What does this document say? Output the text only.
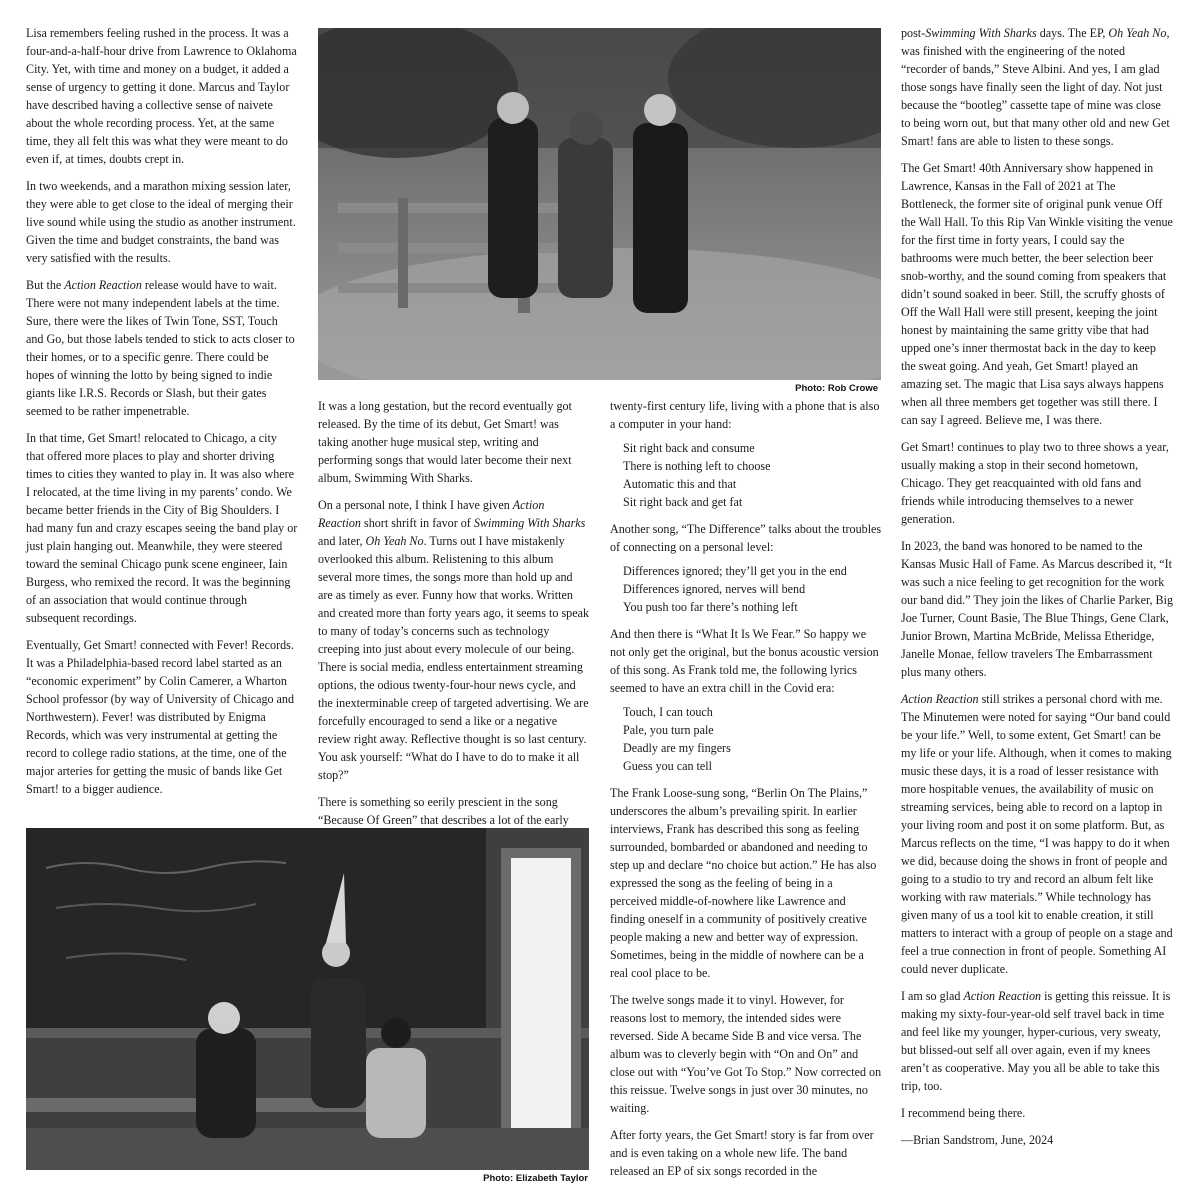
Lisa remembers feeling rushed in the process. It was a four-and-a-half-hour drive from Lawrence to Oklahoma City. Yet, with time and money on a budget, it added a sense of urgency to getting it done. Marcus and Taylor have described having a collective sense of naivete about the whole recording process. Yet, at the same time, they all felt this was what they were meant to do even if, at times, doubts crept in.

In two weekends, and a marathon mixing session later, they were able to get close to the ideal of merging their live sound while using the studio as another instrument. Given the time and budget constraints, the band was very satisfied with the results.

But the Action Reaction release would have to wait. There were not many independent labels at the time. Sure, there were the likes of Twin Tone, SST, Touch and Go, but those labels tended to stick to acts closer to their homes, or to a specific genre. There could be hopes of winning the lotto by being signed to indie giants like I.R.S. Records or Slash, but their gates seemed to be rather impenetrable.

In that time, Get Smart! relocated to Chicago, a city that offered more places to play and shorter driving times to cities they wanted to play in. It was also where I relocated, at the time living in my parents’ condo. We became better friends in the City of Big Shoulders. I had many fun and crazy escapes seeing the band play or just plain hanging out. Meanwhile, they were steered toward the seminal Chicago punk scene engineer, Iain Burgess, who remixed the record. It was the beginning of an association that would continue through subsequent recordings.

Eventually, Get Smart! connected with Fever! Records. It was a Philadelphia-based record label started as an “economic experiment” by Colin Camerer, a Wharton School professor (by way of University of Chicago and Northwestern). Fever! was distributed by Enigma Records, which was very instrumental at getting the record to college radio stations, at the time, one of the major arteries for getting the music of bands like Get Smart! to a bigger audience.

Photo: Rob Crowe

It was a long gestation, but the record eventually got released. By the time of its debut, Get Smart! was taking another huge musical step, writing and performing songs that would later become their next album, Swimming With Sharks.

On a personal note, I think I have given Action Reaction short shrift in favor of Swimming With Sharks and later, Oh Yeah No. Turns out I have mistakenly overlooked this album. Relistening to this album several more times, the songs more than hold up and are as timely as ever. Funny how that works. Written and created more than forty years ago, it seems to speak to many of today’s concerns such as technology creeping into just about every molecule of our being. There is social media, endless entertainment streaming options, the odious twenty-four-hour news cycle, and the inexterminable creep of targeted advertising. We are forcefully encouraged to send a like or a negative review right away. Reflective thought is so last century. You ask yourself: “What do I have to do to make it all stop?”

There is something so eerily prescient in the song “Because Of Green” that describes a lot of the early

twenty-first century life, living with a phone that is also a computer in your hand:

Sit right back and consume
There is nothing left to choose
Automatic this and that
Sit right back and get fat

Another song, “The Difference” talks about the troubles of connecting on a personal level:

Differences ignored; they’ll get you in the end
Differences ignored, nerves will bend
You push too far there’s nothing left

And then there is “What It Is We Fear.” So happy we not only get the original, but the bonus acoustic version of this song. As Frank told me, the following lyrics seemed to have an extra chill in the Covid era:

Touch, I can touch
Pale, you turn pale
Deadly are my fingers
Guess you can tell

The Frank Loose-sung song, “Berlin On The Plains,” underscores the album’s prevailing spirit. In earlier interviews, Frank has described this song as feeling surrounded, bombarded or abandoned and needing to step up and declare “no choice but action.” He has also expressed the song as the feeling of being in a perceived middle-of-nowhere like Lawrence and finding oneself in a community of positively creative people making a new and better way of expression. Sometimes, being in the middle of nowhere can be a real cool place to be.

The twelve songs made it to vinyl. However, for reasons lost to memory, the intended sides were reversed. Side A became Side B and vice versa. The album was to cleverly begin with “On and On” and close out with “You’ve Got To Stop.” Now corrected on this reissue. Twelve songs in just over 30 minutes, no waiting.

After forty years, the Get Smart! story is far from over and is even taking on a whole new life. The band released an EP of six songs recorded in the

Photo: Elizabeth Taylor

post-Swimming With Sharks days. The EP, Oh Yeah No, was finished with the engineering of the noted “recorder of bands,” Steve Albini. And yes, I am glad those songs have finally seen the light of day. Not just because the “bootleg” cassette tape of mine was close to being worn out, but that many other old and new Get Smart! fans are able to listen to these songs.

The Get Smart! 40th Anniversary show happened in Lawrence, Kansas in the Fall of 2021 at The Bottleneck, the former site of original punk venue Off the Wall Hall. To this Rip Van Winkle visiting the venue for the first time in forty years, I could say the bathrooms were much better, the beer selection beer snob-worthy, and the sound coming from speakers that didn’t sound soaked in beer. Still, the scruffy ghosts of Off the Wall Hall were still present, keeping the joint honest by maintaining the same gritty vibe that had upped one’s inner thermostat back in the day to keep the sweat going. And yeah, Get Smart! played an amazing set. The magic that Lisa says always happens when all three members get together was still there. I can say I agreed. Believe me, I was there.

Get Smart! continues to play two to three shows a year, usually making a stop in their second hometown, Chicago. They get reacquainted with old fans and friends while introducing themselves to a newer generation.

In 2023, the band was honored to be named to the Kansas Music Hall of Fame. As Marcus described it, “It was such a nice feeling to get recognition for the work our band did.” They join the likes of Charlie Parker, Big Joe Turner, Count Basie, The Blue Things, Gene Clark, Junior Brown, Martina McBride, Melissa Etheridge, Janelle Monae, fellow travelers The Embarrassment plus many others.

Action Reaction still strikes a personal chord with me. The Minutemen were noted for saying “Our band could be your life.” Well, to some extent, Get Smart! can be my life or your life. Although, when it comes to making music these days, it is a road of lesser resistance with more hospitable venues, the availability of music on streaming services, being able to record on a laptop in your living room and post it on some platform. But, as Marcus reflects on the time, “I was happy to do it when we did, because doing the shows in front of people and going to a studio to try and record an album felt like working with raw materials.” While technology has given many of us a tool kit to enable creation, it still matters to interact with a group of people on a stage and feel a true connection in front of people. Something AI could never duplicate.

I am so glad Action Reaction is getting this reissue. It is making my sixty-four-year-old self travel back in time and feel like my younger, hyper-curious, very sweaty, but blissed-out self all over again, even if my knees aren’t as cooperative. May you all be able to take this trip, too.

I recommend being there.

—Brian Sandstrom, June, 2024
